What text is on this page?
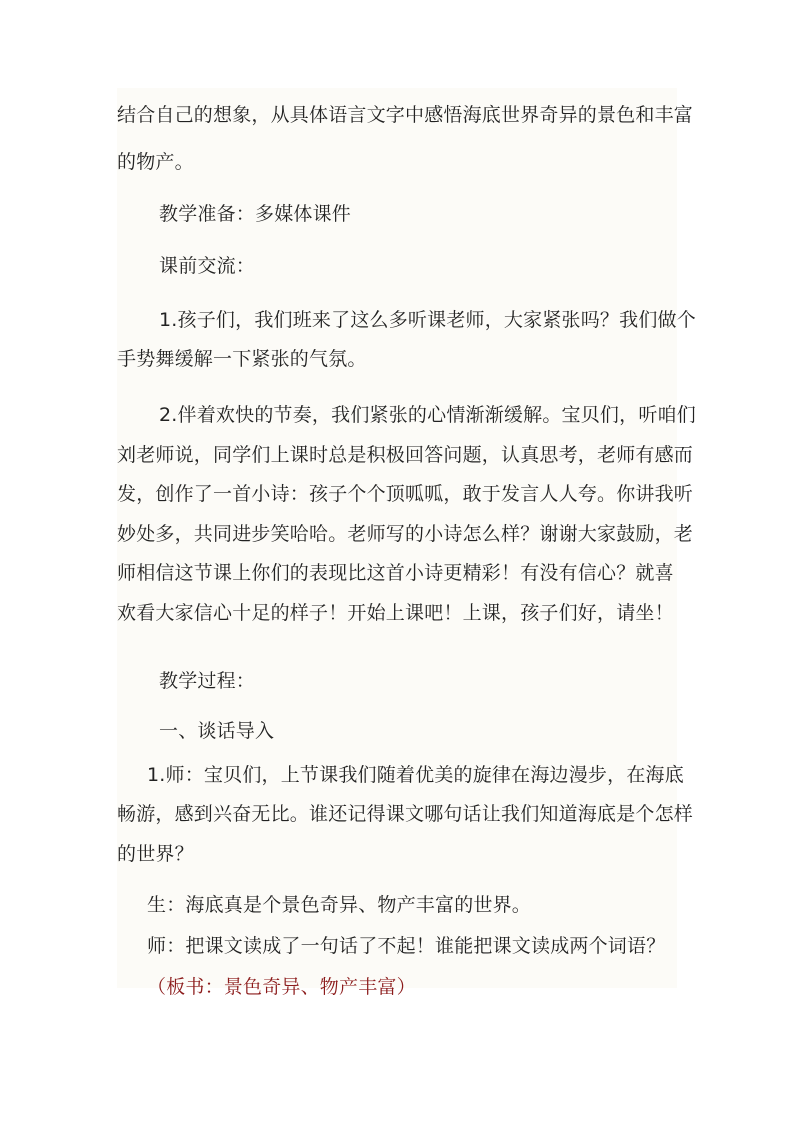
结合自己的想象，从具体语言文字中感悟海底世界奇异的景色和丰富
的物产。
教学准备：多媒体课件
课前交流：
1.孩子们，我们班来了这么多听课老师，大家紧张吗？我们做个
手势舞缓解一下紧张的气氛。
2.伴着欢快的节奏，我们紧张的心情渐渐缓解。宝贝们，听咱们
刘老师说，同学们上课时总是积极回答问题，认真思考，老师有感而
发，创作了一首小诗：孩子个个顶呱呱，敢于发言人人夸。你讲我听
妙处多，共同进步笑哈哈。老师写的小诗怎么样？谢谢大家鼓励，老
师相信这节课上你们的表现比这首小诗更精彩！有没有信心？就喜
欢看大家信心十足的样子！开始上课吧！上课，孩子们好，请坐！
教学过程：
一、谈话导入
1.师：宝贝们，上节课我们随着优美的旋律在海边漫步，在海底
畅游，感到兴奋无比。谁还记得课文哪句话让我们知道海底是个怎样
的世界？
生：海底真是个景色奇异、物产丰富的世界。
师：把课文读成了一句话了不起！谁能把课文读成两个词语？
（板书：景色奇异、物产丰富）
